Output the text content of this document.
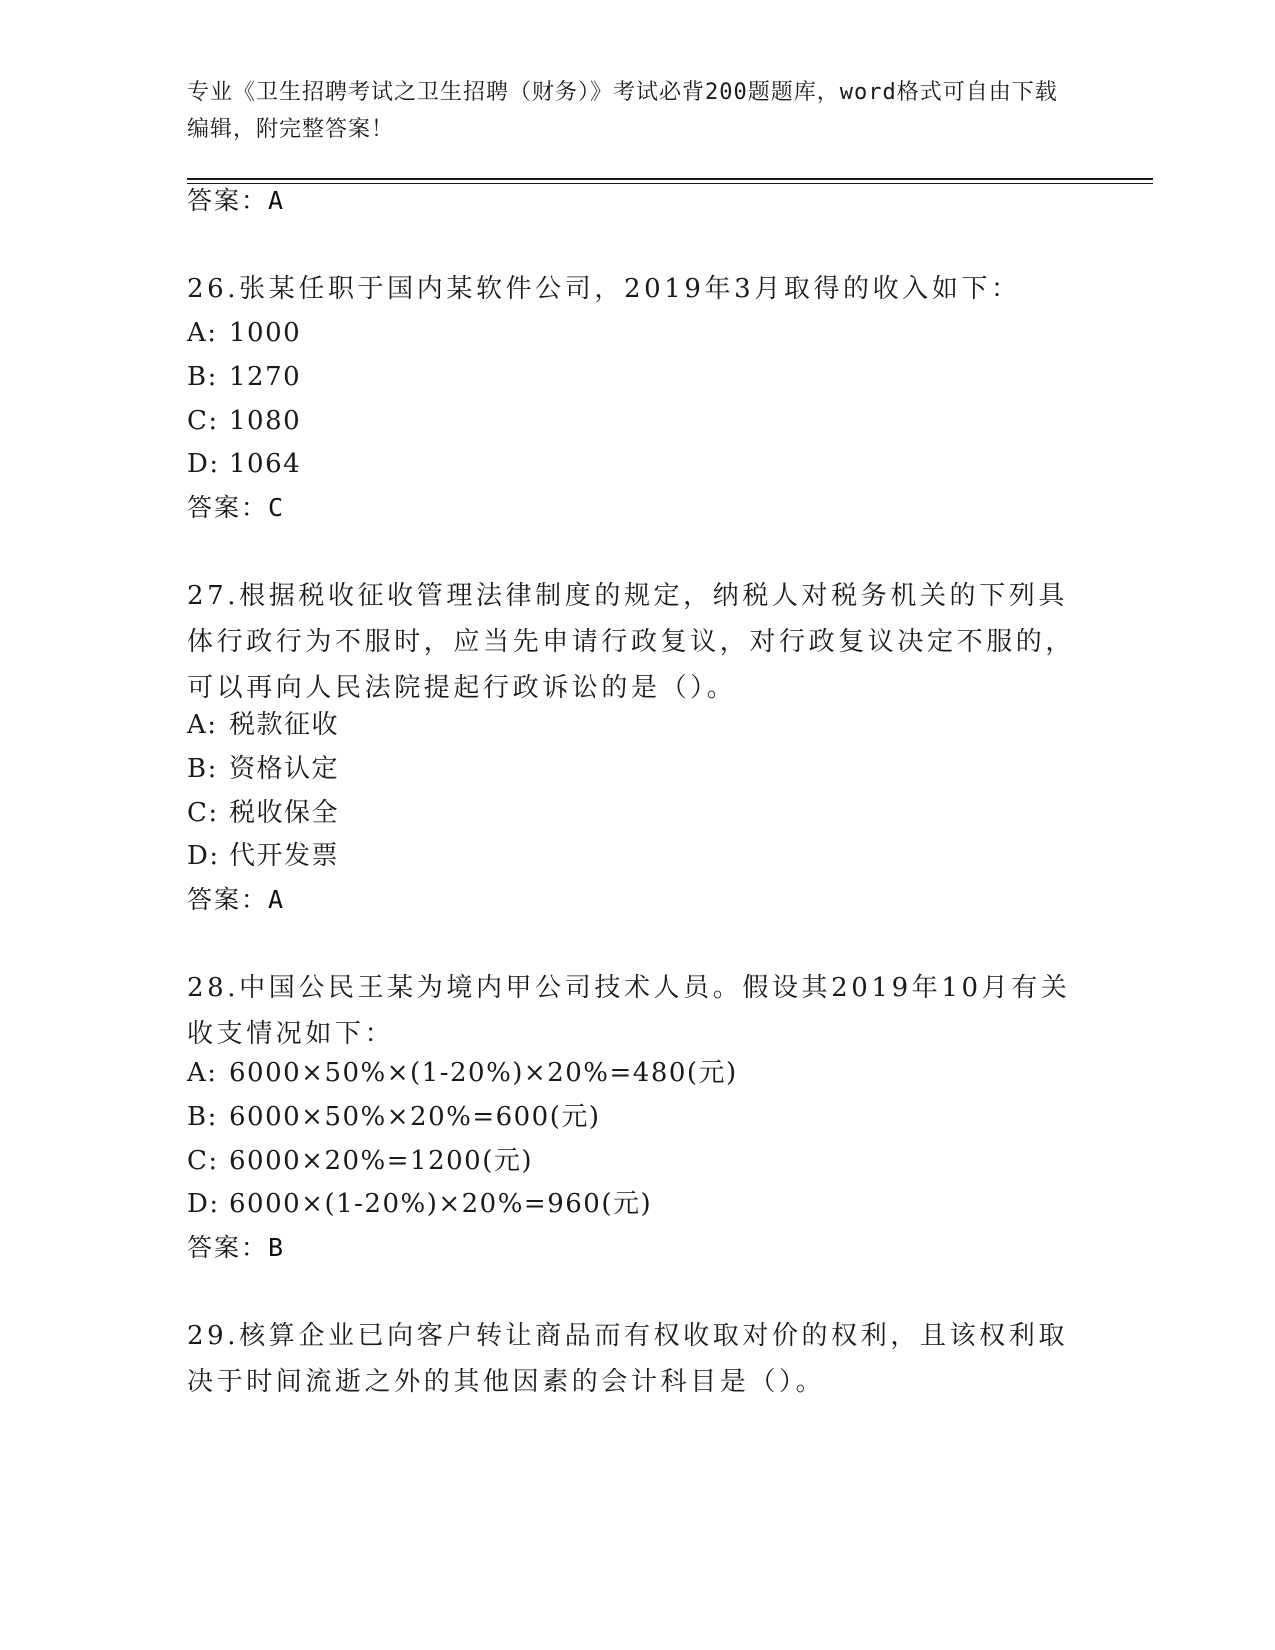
专业《卫生招聘考试之卫生招聘（财务）》考试必背200题题库，word格式可自由下载编辑，附完整答案！
答案：A
26.张某任职于国内某软件公司，2019年3月取得的收入如下：
A: 1000
B: 1270
C: 1080
D: 1064
答案：C
27.根据税收征收管理法律制度的规定，纳税人对税务机关的下列具体行政行为不服时，应当先申请行政复议，对行政复议决定不服的，可以再向人民法院提起行政诉讼的是（）。
A: 税款征收
B: 资格认定
C: 税收保全
D: 代开发票
答案：A
28.中国公民王某为境内甲公司技术人员。假设其2019年10月有关收支情况如下：
A: 6000×50%×(1-20%)×20%=480(元)
B: 6000×50%×20%=600(元)
C: 6000×20%=1200(元)
D: 6000×(1-20%)×20%=960(元)
答案：B
29.核算企业已向客户转让商品而有权收取对价的权利，且该权利取决于时间流逝之外的其他因素的会计科目是（）。
